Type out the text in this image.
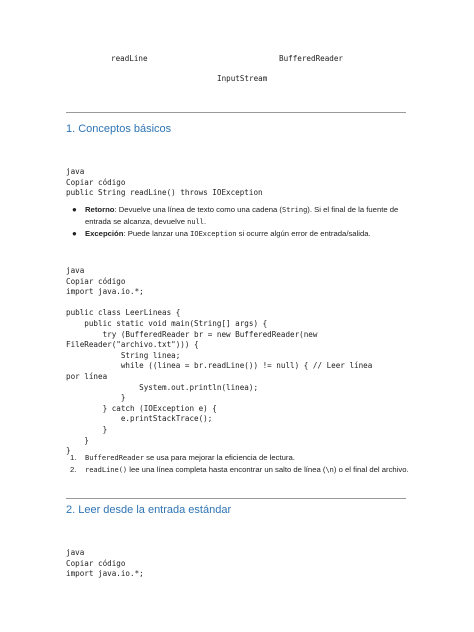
readLine	BufferedReader
InputStream
1. Conceptos básicos
java
Copiar código
public String readLine() throws IOException
● Retorno: Devuelve una línea de texto como una cadena (String). Si el final de la fuente de entrada se alcanza, devuelve null.
● Excepción: Puede lanzar una IOException si ocurre algún error de entrada/salida.
java
Copiar código
import java.io.*;

public class LeerLineas {
public static void main(String[] args) {
try (BufferedReader br = new BufferedReader(new
FileReader("archivo.txt"))) {
String linea;
while ((linea = br.readLine()) != null) { // Leer línea
por línea
System.out.println(linea);
}
} catch (IOException e) {
e.printStackTrace();
}
}
}
1. BufferedReader se usa para mejorar la eficiencia de lectura.
2. readLine() lee una línea completa hasta encontrar un salto de línea (\n) o el final del archivo.
2. Leer desde la entrada estándar
java
Copiar código
import java.io.*;
